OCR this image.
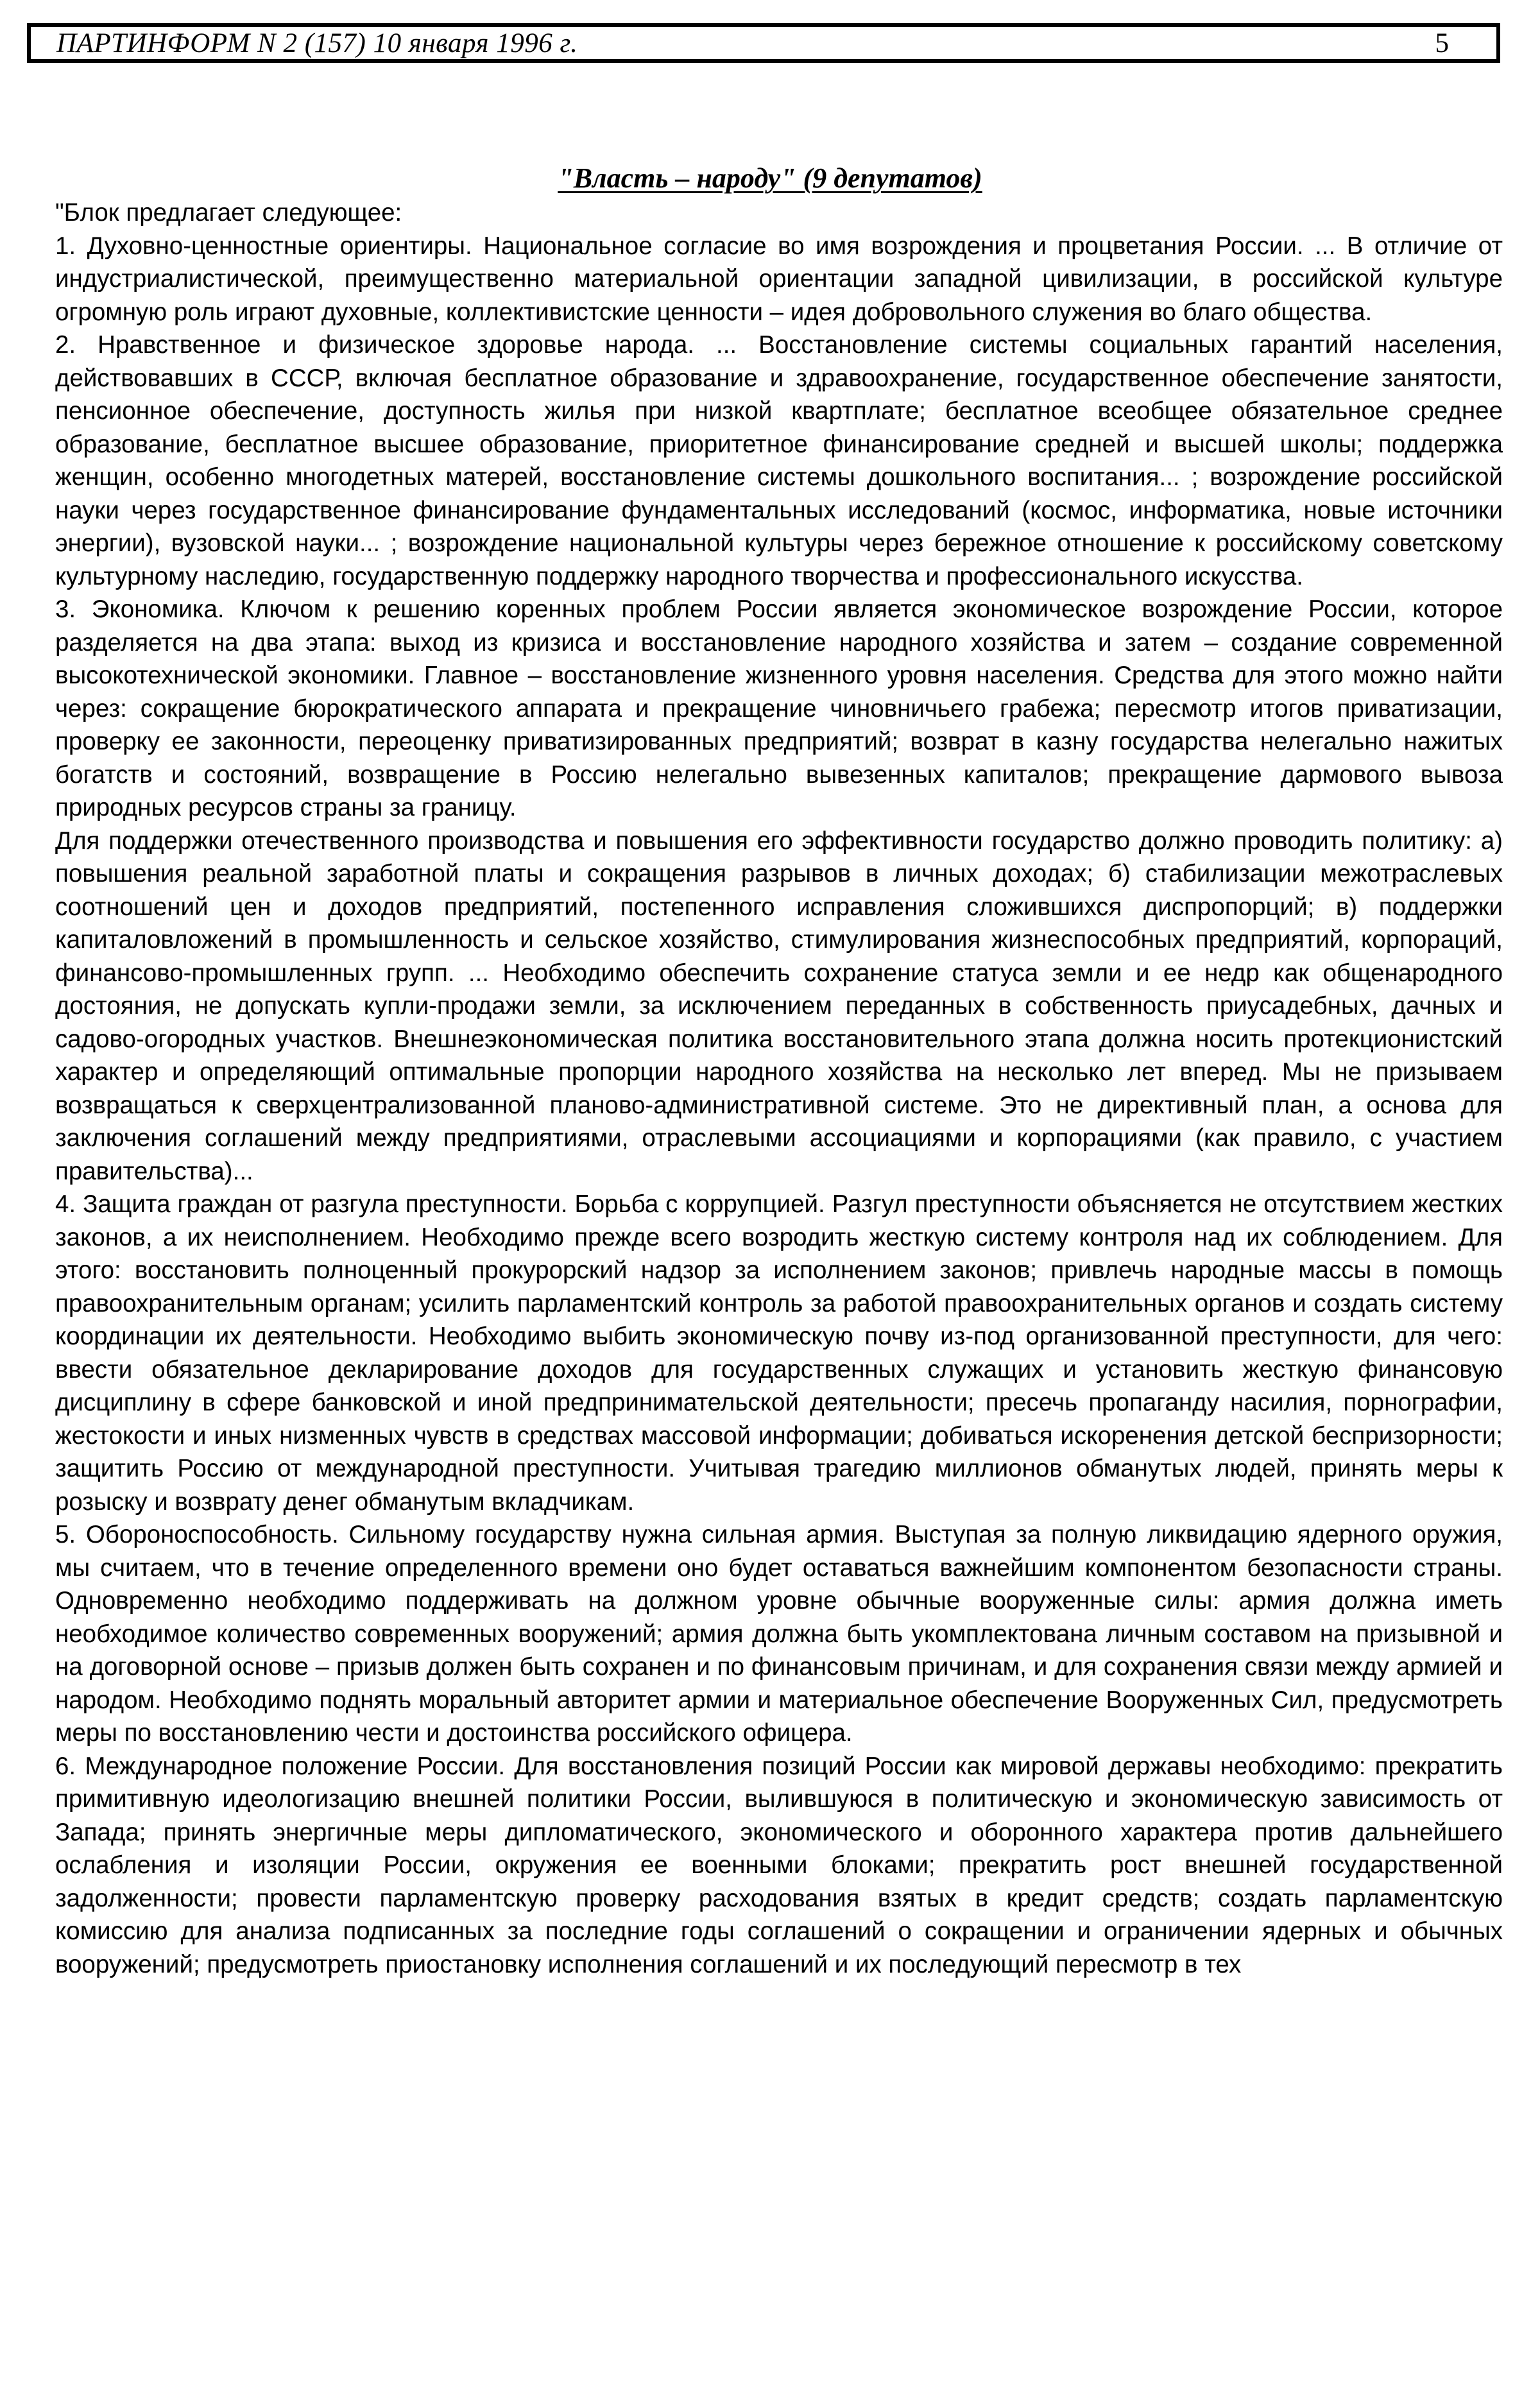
ПАРТИНФОРМ N 2 (157) 10 января 1996 г.	5
"Власть – народу" (9 депутатов)

"Блок предлагает следующее:

1. Духовно-ценностные ориентиры. Национальное согласие во имя возрождения и процветания России. ... В отличие от индустриалистической, преимущественно материальной ориентации западной цивилизации, в российской культуре огромную роль играют духовные, коллективистские ценности – идея добровольного служения во благо общества.

2. Нравственное и физическое здоровье народа. ... Восстановление системы социальных гарантий населения, действовавших в СССР, включая бесплатное образование и здравоохранение, государственное обеспечение занятости, пенсионное обеспечение, доступность жилья при низкой квартплате; бесплатное всеобщее обязательное среднее образование, бесплатное высшее образование, приоритетное финансирование средней и высшей школы; поддержка женщин, особенно многодетных матерей, восстановление системы дошкольного воспитания... ; возрождение российской науки через государственное финансирование фундаментальных исследований (космос, информатика, новые источники энергии), вузовской науки... ; возрождение национальной культуры через бережное отношение к российскому советскому культурному наследию, государственную поддержку народного творчества и профессионального искусства.

3. Экономика. Ключом к решению коренных проблем России является экономическое возрождение России, которое разделяется на два этапа: выход из кризиса и восстановление народного хозяйства и затем – создание современной высокотехнической экономики. Главное – восстановление жизненного уровня населения. Средства для этого можно найти через: сокращение бюрократического аппарата и прекращение чиновничьего грабежа; пересмотр итогов приватизации, проверку ее законности, переоценку приватизированных предприятий; возврат в казну государства нелегально нажитых богатств и состояний, возвращение в Россию нелегально вывезенных капиталов; прекращение дармового вывоза природных ресурсов страны за границу.

Для поддержки отечественного производства и повышения его эффективности государство должно проводить политику: а) повышения реальной заработной платы и сокращения разрывов в личных доходах; б) стабилизации межотраслевых соотношений цен и доходов предприятий, постепенного исправления сложившихся диспропорций; в) поддержки капиталовложений в промышленность и сельское хозяйство, стимулирования жизнеспособных предприятий, корпораций, финансово-промышленных групп. ... Необходимо обеспечить сохранение статуса земли и ее недр как общенародного достояния, не допускать купли-продажи земли, за исключением переданных в собственность приусадебных, дачных и садово-огородных участков. Внешнеэкономическая политика восстановительного этапа должна носить протекционистский характер и определяющий оптимальные пропорции народного хозяйства на несколько лет вперед. Мы не призываем возвращаться к сверхцентрализованной планово-административной системе. Это не директивный план, а основа для заключения соглашений между предприятиями, отраслевыми ассоциациями и корпорациями (как правило, с участием правительства)...

4. Защита граждан от разгула преступности. Борьба с коррупцией. Разгул преступности объясняется не отсутствием жестких законов, а их неисполнением. Необходимо прежде всего возродить жесткую систему контроля над их соблюдением. Для этого: восстановить полноценный прокурорский надзор за исполнением законов; привлечь народные массы в помощь правоохранительным органам; усилить парламентский контроль за работой правоохранительных органов и создать систему координации их деятельности. Необходимо выбить экономическую почву из-под организованной преступности, для чего: ввести обязательное декларирование доходов для государственных служащих и установить жесткую финансовую дисциплину в сфере банковской и иной предпринимательской деятельности; пресечь пропаганду насилия, порнографии, жестокости и иных низменных чувств в средствах массовой информации; добиваться искоренения детской беспризорности; защитить Россию от международной преступности. Учитывая трагедию миллионов обманутых людей, принять меры к розыску и возврату денег обманутым вкладчикам.

5. Обороноспособность. Сильному государству нужна сильная армия. Выступая за полную ликвидацию ядерного оружия, мы считаем, что в течение определенного времени оно будет оставаться важнейшим компонентом безопасности страны. Одновременно необходимо поддерживать на должном уровне обычные вооруженные силы: армия должна иметь необходимое количество современных вооружений; армия должна быть укомплектована личным составом на призывной и на договорной основе – призыв должен быть сохранен и по финансовым причинам, и для сохранения связи между армией и народом. Необходимо поднять моральный авторитет армии и материальное обеспечение Вооруженных Сил, предусмотреть меры по восстановлению чести и достоинства российского офицера.

6. Международное положение России. Для восстановления позиций России как мировой державы необходимо: прекратить примитивную идеологизацию внешней политики России, вылившуюся в политическую и экономическую зависимость от Запада; принять энергичные меры дипломатического, экономического и оборонного характера против дальнейшего ослабления и изоляции России, окружения ее военными блоками; прекратить рост внешней государственной задолженности; провести парламентскую проверку расходования взятых в кредит средств; создать парламентскую комиссию для анализа подписанных за последние годы соглашений о сокращении и ограничении ядерных и обычных вооружений; предусмотреть приостановку исполнения соглашений и их последующий пересмотр в тех
